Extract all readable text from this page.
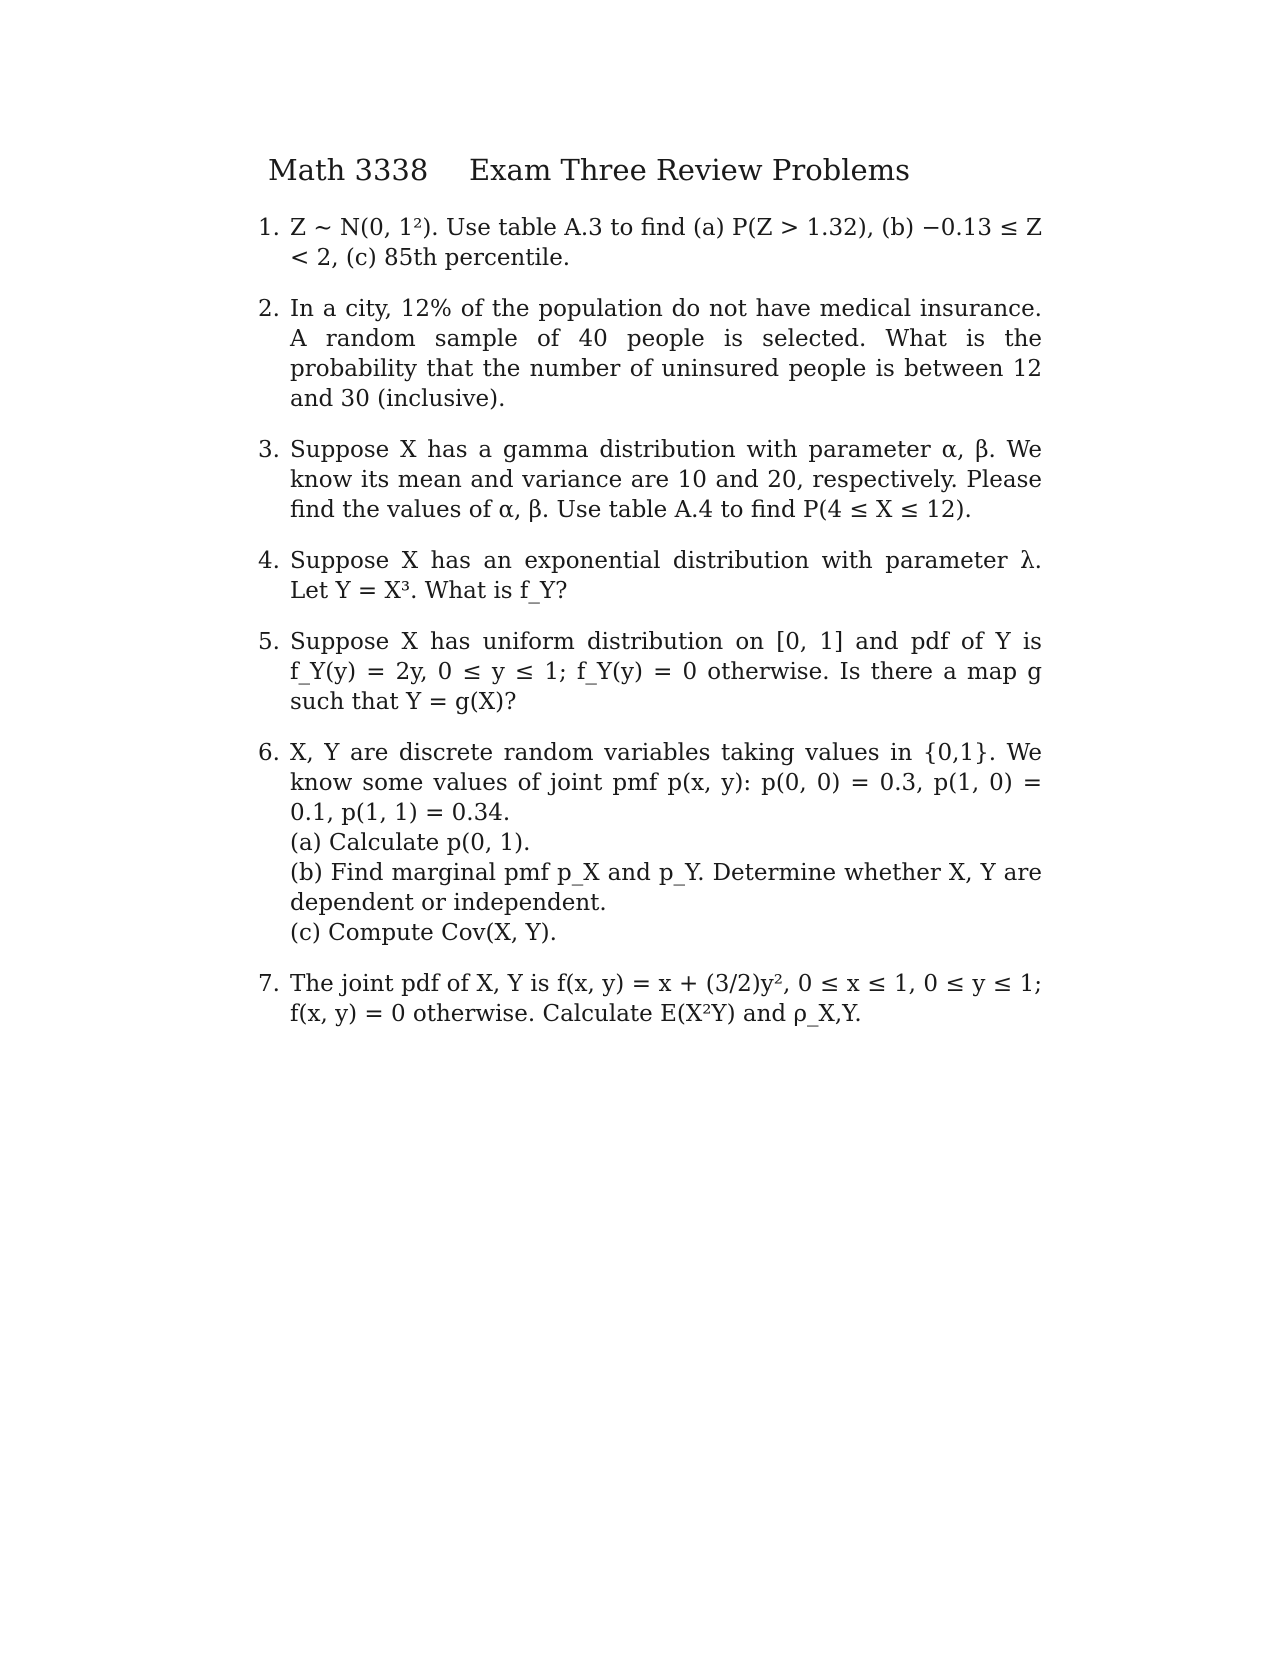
Math 3338 Exam Three Review Problems
1. Z ∼ N(0, 1²). Use table A.3 to find (a) P(Z > 1.32), (b) −0.13 ≤ Z < 2, (c) 85th percentile.

2. In a city, 12% of the population do not have medical insurance. A random sample of 40 people is selected. What is the probability that the number of uninsured people is between 12 and 30 (inclusive).

3. Suppose X has a gamma distribution with parameter α, β. We know its mean and variance are 10 and 20, respectively. Please find the values of α, β. Use table A.4 to find P(4 ≤ X ≤ 12).

4. Suppose X has an exponential distribution with parameter λ. Let Y = X³. What is f_Y?

5. Suppose X has uniform distribution on [0, 1] and pdf of Y is f_Y(y) = 2y, 0 ≤ y ≤ 1; f_Y(y) = 0 otherwise. Is there a map g such that Y = g(X)?

6. X, Y are discrete random variables taking values in {0,1}. We know some values of joint pmf p(x, y): p(0, 0) = 0.3, p(1, 0) = 0.1, p(1, 1) = 0.34.

(a) Calculate p(0, 1).

(b) Find marginal pmf p_X and p_Y. Determine whether X, Y are dependent or independent.

(c) Compute Cov(X, Y).

7. The joint pdf of X, Y is f(x, y) = x + (3/2)y², 0 ≤ x ≤ 1, 0 ≤ y ≤ 1; f(x, y) = 0 otherwise. Calculate E(X²Y) and ρ_X,Y.
